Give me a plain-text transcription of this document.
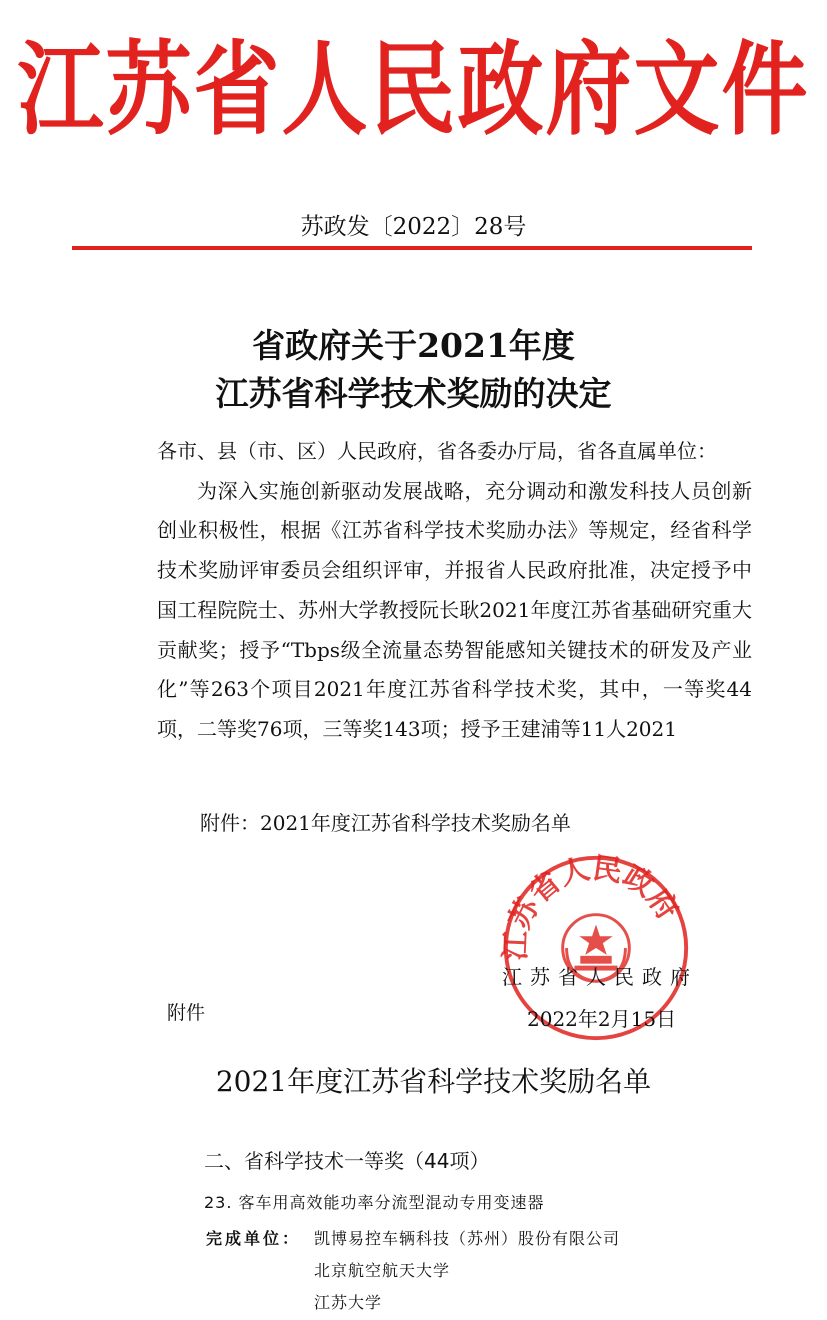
江苏省人民政府文件
苏政发〔2022〕28号
省政府关于2021年度
江苏省科学技术奖励的决定

各市、县（市、区）人民政府，省各委办厅局，省各直属单位：

为深入实施创新驱动发展战略，充分调动和激发科技人员创新创业积极性，根据《江苏省科学技术奖励办法》等规定，经省科学技术奖励评审委员会组织评审，并报省人民政府批准，决定授予中国工程院院士、苏州大学教授阮长耿2021年度江苏省基础研究重大贡献奖；授予“Tbps级全流量态势智能感知关键技术的研发及产业化”等263个项目2021年度江苏省科学技术奖，其中，一等奖44项，二等奖76项，三等奖143项；授予王建浦等11人2021

附件：2021年度江苏省科学技术奖励名单
江苏省人民政府
江苏省人民政府
附件	2022年2月15日
2021年度江苏省科学技术奖励名单
二、省科学技术一等奖（44项）
23. 客车用高效能功率分流型混动专用变速器
完成单位： 凯博易控车辆科技（苏州）股份有限公司
北京航空航天大学
江苏大学
